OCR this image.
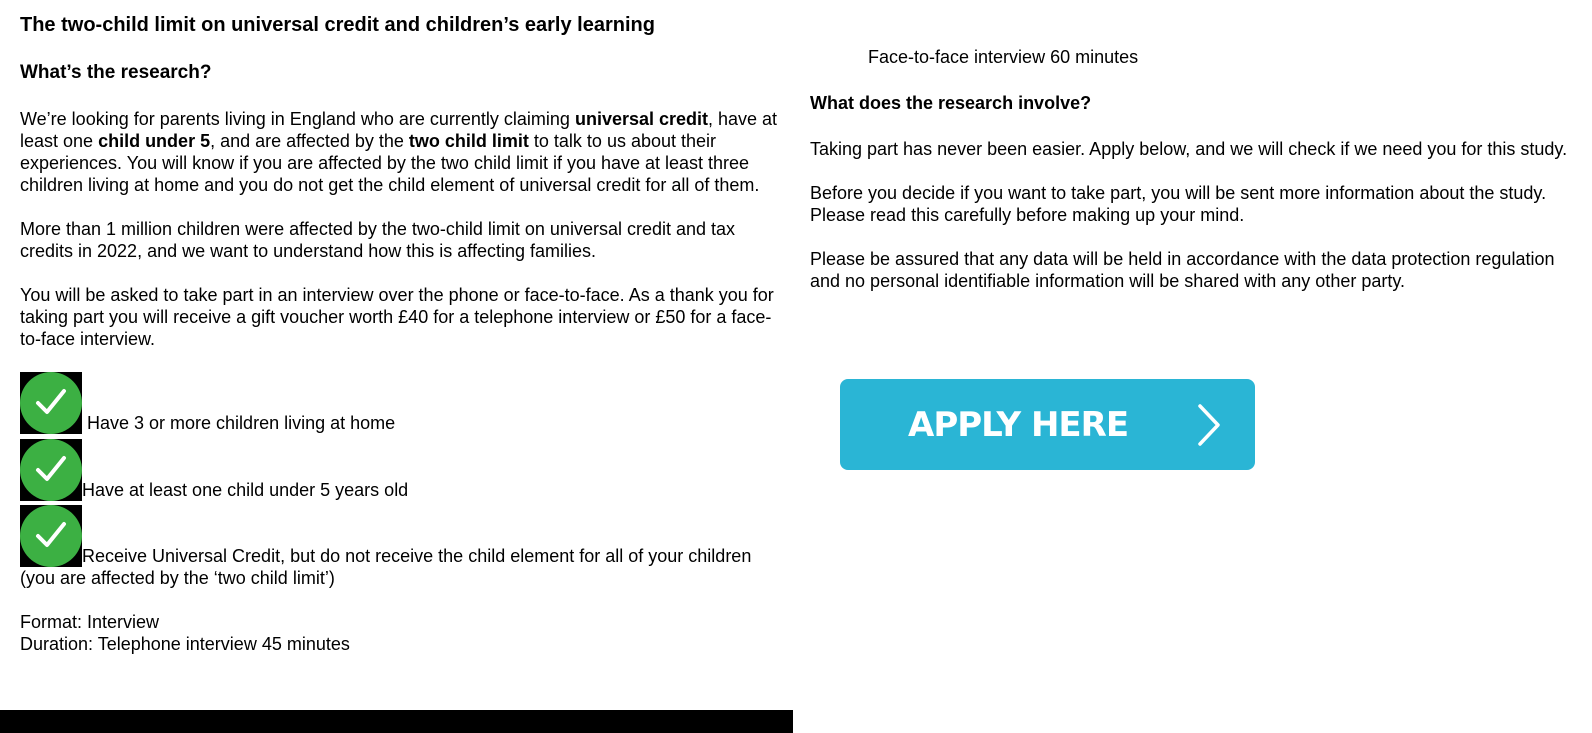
The two-child limit on universal credit and children’s early learning
What’s the research?

We’re looking for parents living in England who are currently claiming universal credit, have at least one child under 5, and are affected by the two child limit to talk to us about their experiences. You will know if you are affected by the two child limit if you have at least three children living at home and you do not get the child element of universal credit for all of them.

More than 1 million children were affected by the two-child limit on universal credit and tax credits in 2022, and we want to understand how this is affecting families.

You will be asked to take part in an interview over the phone or face-to-face. As a thank you for taking part you will receive a gift voucher worth £40 for a telephone interview or £50 for a face-to-face interview.

Have 3 or more children living at home
Have at least one child under 5 years old
Receive Universal Credit, but do not receive the child element for all of your children (you are affected by the ‘two child limit’)
Format: Interview
Duration: Telephone interview 45 minutes
Face-to-face interview 60 minutes
What does the research involve?

Taking part has never been easier. Apply below, and we will check if we need you for this study.

Before you decide if you want to take part, you will be sent more information about the study. Please read this carefully before making up your mind.

Please be assured that any data will be held in accordance with the data protection regulation and no personal identifiable information will be shared with any other party.

APPLY HERE
